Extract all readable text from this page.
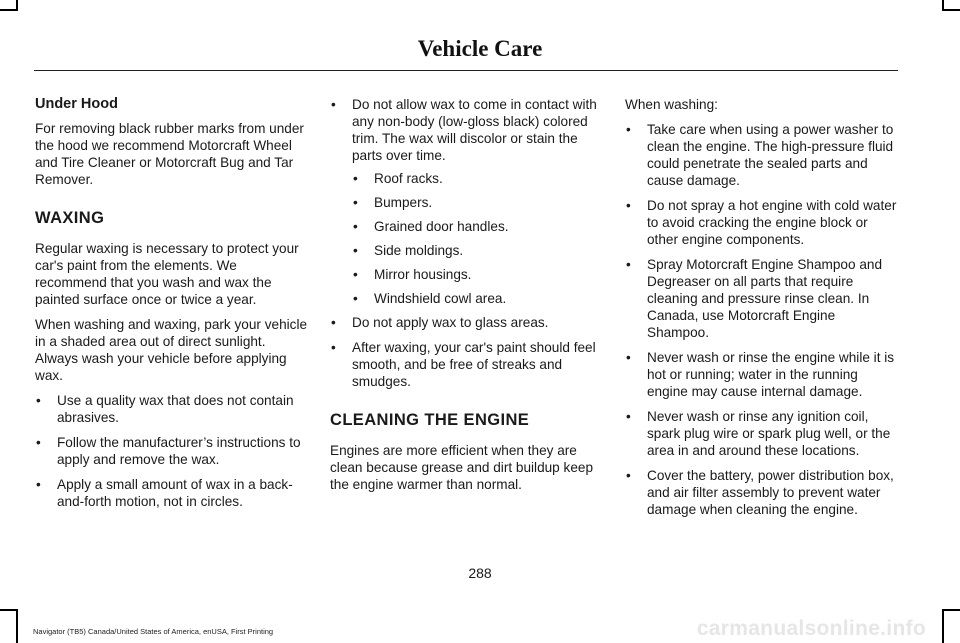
Vehicle Care
Under Hood

For removing black rubber marks from under the hood we recommend Motorcraft Wheel and Tire Cleaner or Motorcraft Bug and Tar Remover.

WAXING

Regular waxing is necessary to protect your car's paint from the elements. We recommend that you wash and wax the painted surface once or twice a year.

When washing and waxing, park your vehicle in a shaded area out of direct sunlight. Always wash your vehicle before applying wax.

• Use a quality wax that does not contain abrasives.
• Follow the manufacturer’s instructions to apply and remove the wax.
• Apply a small amount of wax in a back-and-forth motion, not in circles.
• Do not allow wax to come in contact with any non-body (low-gloss black) colored trim. The wax will discolor or stain the parts over time.
• Roof racks.
• Bumpers.
• Grained door handles.
• Side moldings.
• Mirror housings.
• Windshield cowl area.
• Do not apply wax to glass areas.
• After waxing, your car's paint should feel smooth, and be free of streaks and smudges.
CLEANING THE ENGINE

Engines are more efficient when they are clean because grease and dirt buildup keep the engine warmer than normal.

When washing:

• Take care when using a power washer to clean the engine. The high-pressure fluid could penetrate the sealed parts and cause damage.
• Do not spray a hot engine with cold water to avoid cracking the engine block or other engine components.
• Spray Motorcraft Engine Shampoo and Degreaser on all parts that require cleaning and pressure rinse clean. In Canada, use Motorcraft Engine Shampoo.
• Never wash or rinse the engine while it is hot or running; water in the running engine may cause internal damage.
• Never wash or rinse any ignition coil, spark plug wire or spark plug well, or the area in and around these locations.
• Cover the battery, power distribution box, and air filter assembly to prevent water damage when cleaning the engine.
288
Navigator (TB5) Canada/United States of America, enUSA, First Printing	carmanualsonline.info
